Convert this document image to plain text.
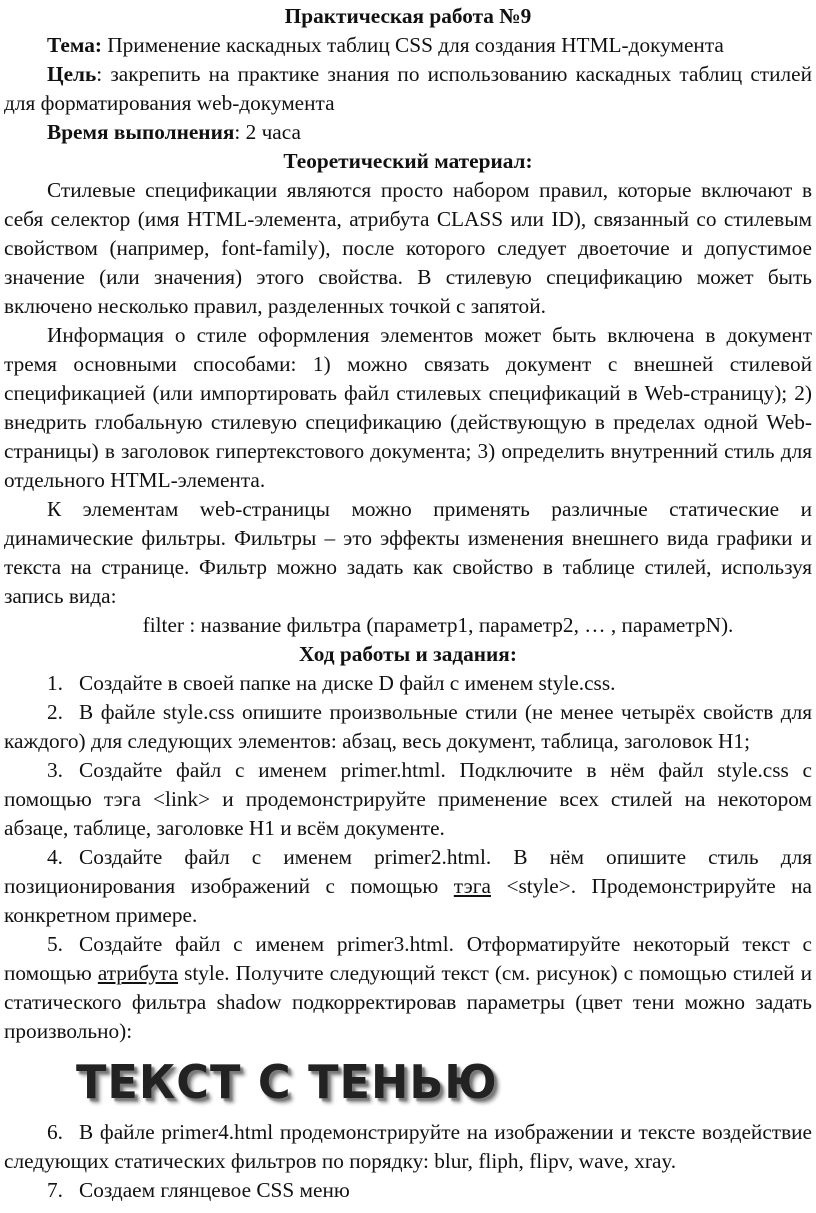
Практическая работа №9

Тема: Применение каскадных таблиц CSS для создания HTML-документа

Цель: закрепить на практике знания по использованию каскадных таблиц стилей для форматирования web-документа

Время выполнения: 2 часа

Теоретический материал:

Стилевые спецификации являются просто набором правил, которые включают в себя селектор (имя HTML-элемента, атрибута CLASS или ID), связанный со стилевым свойством (например, font-family), после которого следует двоеточие и допустимое значение (или значения) этого свойства. В стилевую спецификацию может быть включено несколько правил, разделенных точкой с запятой.

Информация о стиле оформления элементов может быть включена в документ тремя основными способами: 1) можно связать документ с внешней стилевой спецификацией (или импортировать файл стилевых спецификаций в Web-страницу); 2) внедрить глобальную стилевую спецификацию (действующую в пределах одной Web-страницы) в заголовок гипертекстового документа; 3) определить внутренний стиль для отдельного HTML-элемента.

К элементам web-страницы можно применять различные статические и динамические фильтры. Фильтры – это эффекты изменения внешнего вида графики и текста на странице. Фильтр можно задать как свойство в таблице стилей, используя запись вида:

filter : название фильтра (параметр1, параметр2, … , параметрN).

Ход работы и задания:

1. Создайте в своей папке на диске D файл с именем style.css.

2. В файле style.css опишите произвольные стили (не менее четырёх свойств для каждого) для следующих элементов: абзац, весь документ, таблица, заголовок H1;

3. Создайте файл с именем primer.html. Подключите в нём файл style.css с помощью тэга <link> и продемонстрируйте применение всех стилей на некотором абзаце, таблице, заголовке H1 и всём документе.

4. Создайте файл с именем primer2.html. В нём опишите стиль для позиционирования изображений с помощью тэга <style>. Продемонстрируйте на конкретном примере.

5. Создайте файл с именем primer3.html. Отформатируйте некоторый текст с помощью атрибута style. Получите следующий текст (см. рисунок) с помощью стилей и статического фильтра shadow подкорректировав параметры (цвет тени можно задать произвольно):

ТЕКСТ С ТЕНЬЮ

6. В файле primer4.html продемонстрируйте на изображении и тексте воздействие следующих статических фильтров по порядку: blur, fliph, flipv, wave, xray.

7. Создаем глянцевое CSS меню
